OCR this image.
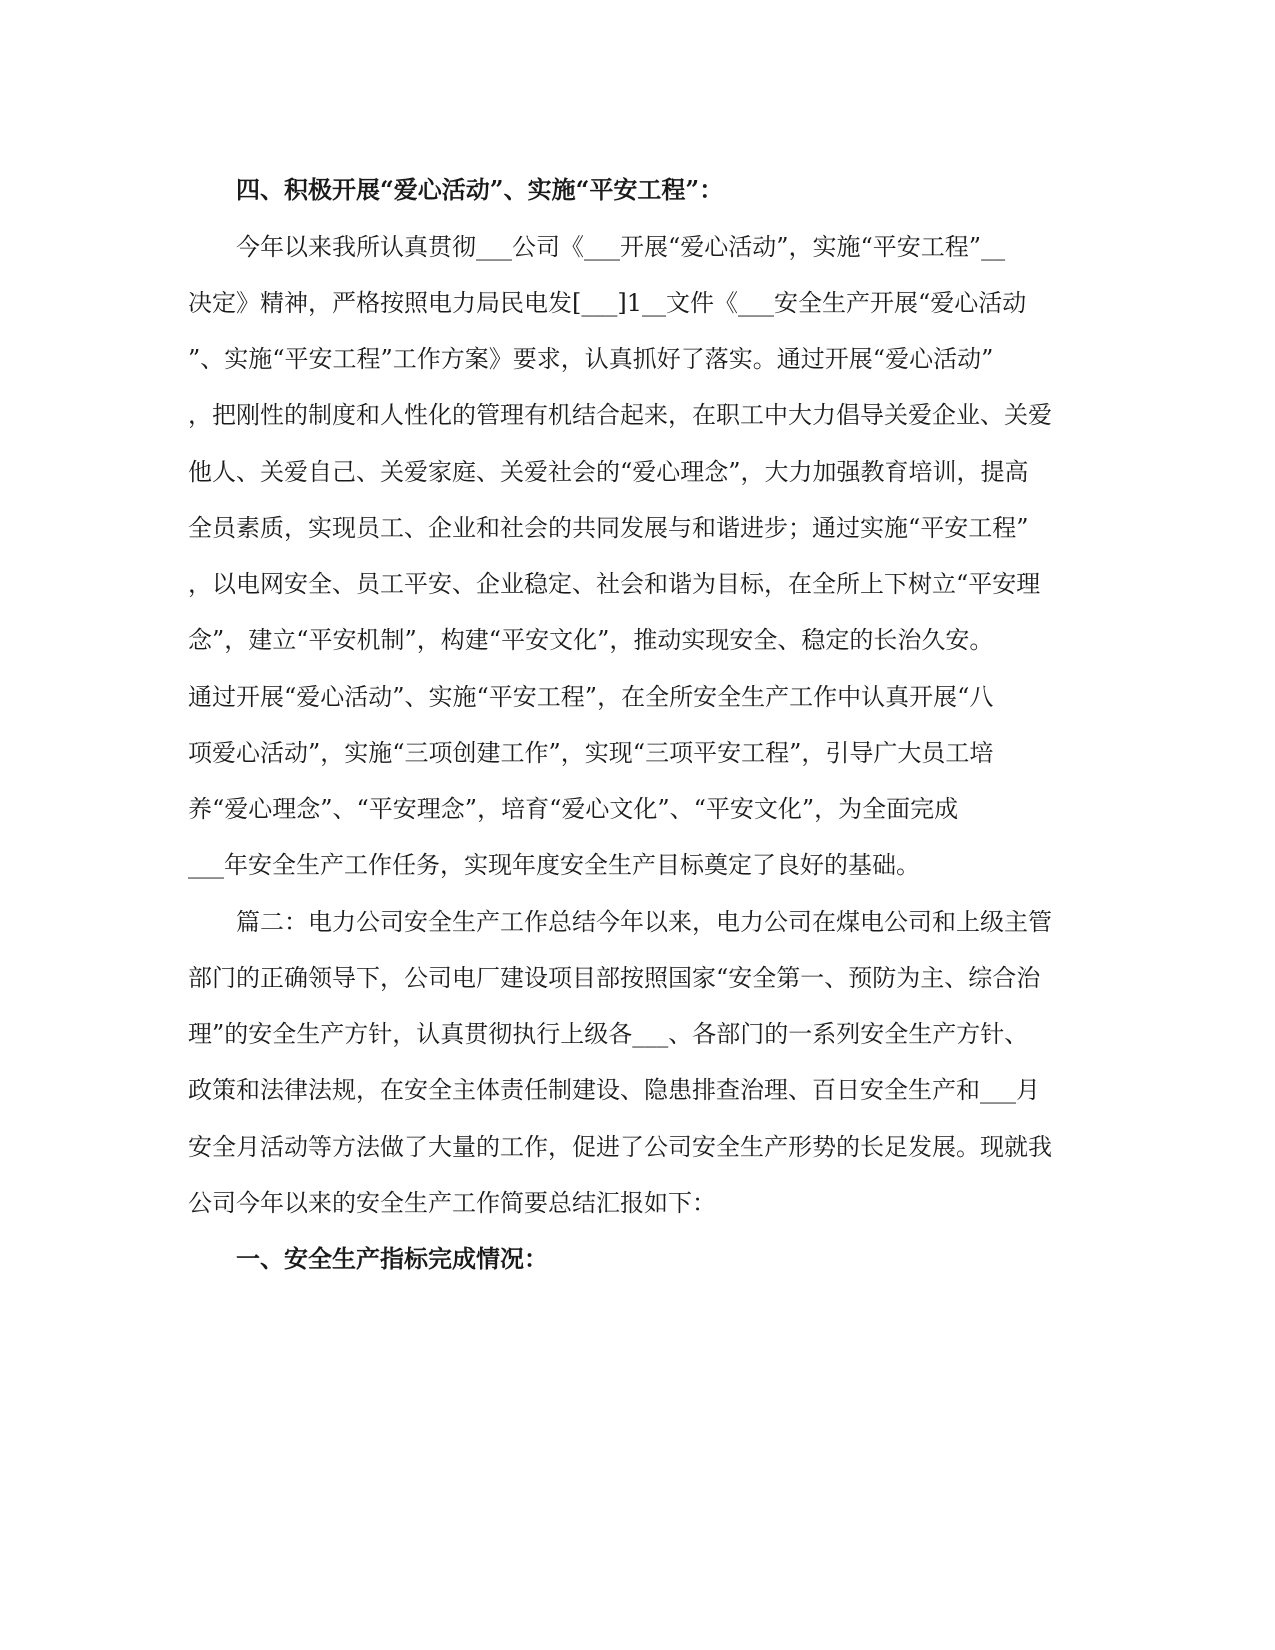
四、积极开展“爱心活动”、实施“平安工程”：
今年以来我所认真贯彻___公司《___开展“爱心活动”，实施“平安工程”__
决定》精神，严格按照电力局民电发[___]1__文件《___安全生产开展“爱心活动
”、实施“平安工程”工作方案》要求，认真抓好了落实。通过开展“爱心活动”
，把刚性的制度和人性化的管理有机结合起来，在职工中大力倡导关爱企业、关爱
他人、关爱自己、关爱家庭、关爱社会的“爱心理念”，大力加强教育培训，提高
全员素质，实现员工、企业和社会的共同发展与和谐进步；通过实施“平安工程”
，以电网安全、员工平安、企业稳定、社会和谐为目标，在全所上下树立“平安理
念”，建立“平安机制”，构建“平安文化”，推动实现安全、稳定的长治久安。
通过开展“爱心活动”、实施“平安工程”，在全所安全生产工作中认真开展“八
项爱心活动”，实施“三项创建工作”，实现“三项平安工程”，引导广大员工培
养“爱心理念”、“平安理念”，培育“爱心文化”、“平安文化”，为全面完成
___年安全生产工作任务，实现年度安全生产目标奠定了良好的基础。
篇二：电力公司安全生产工作总结今年以来，电力公司在煤电公司和上级主管
部门的正确领导下，公司电厂建设项目部按照国家“安全第一、预防为主、综合治
理”的安全生产方针，认真贯彻执行上级各___、各部门的一系列安全生产方针、
政策和法律法规，在安全主体责任制建设、隐患排查治理、百日安全生产和___月
安全月活动等方法做了大量的工作，促进了公司安全生产形势的长足发展。现就我
公司今年以来的安全生产工作简要总结汇报如下：
一、安全生产指标完成情况：
